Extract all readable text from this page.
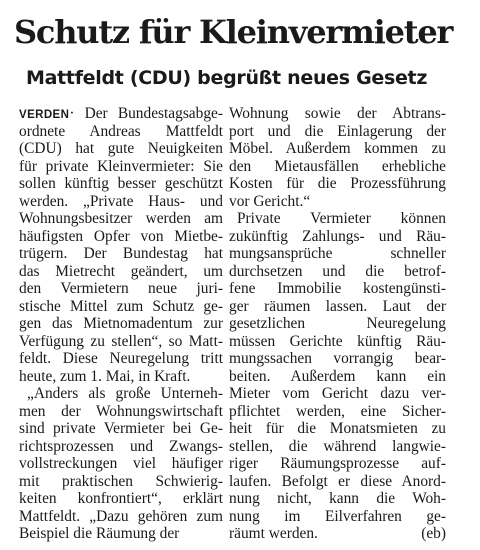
Schutz für Kleinvermieter
Mattfeldt (CDU) begrüßt neues Gesetz
VERDEN· Der Bundestagsabge-
ordnete Andreas Mattfeldt
(CDU) hat gute Neuigkeiten
für private Kleinvermieter: Sie
sollen künftig besser geschützt
werden. „Private Haus- und
Wohnungsbesitzer werden am
häufigsten Opfer von Mietbe-
trügern. Der Bundestag hat
das Mietrecht geändert, um
den Vermietern neue juri-
stische Mittel zum Schutz ge-
gen das Mietnomadentum zur
Verfügung zu stellen“, so Matt-
feldt. Diese Neuregelung tritt
heute, zum 1. Mai, in Kraft.
„Anders als große Unterneh-
men der Wohnungswirtschaft
sind private Vermieter bei Ge-
richtsprozessen und Zwangs-
vollstreckungen viel häufiger
mit praktischen Schwierig-
keiten konfrontiert“, erklärt
Mattfeldt. „Dazu gehören zum
Beispiel die Räumung der
Wohnung sowie der Abtrans-
port und die Einlagerung der
Möbel. Außerdem kommen zu
den Mietausfällen erhebliche
Kosten für die Prozessführung
vor Gericht.“
Private Vermieter können
zukünftig Zahlungs- und Räu-
mungsansprüche schneller
durchsetzen und die betrof-
fene Immobilie kostengünsti-
ger räumen lassen. Laut der
gesetzlichen Neuregelung
müssen Gerichte künftig Räu-
mungssachen vorrangig bear-
beiten. Außerdem kann ein
Mieter vom Gericht dazu ver-
pflichtet werden, eine Sicher-
heit für die Monatsmieten zu
stellen, die während langwie-
riger Räumungsprozesse auf-
laufen. Befolgt er diese Anord-
nung nicht, kann die Woh-
nung im Eilverfahren ge-
räumt werden.	(eb)
